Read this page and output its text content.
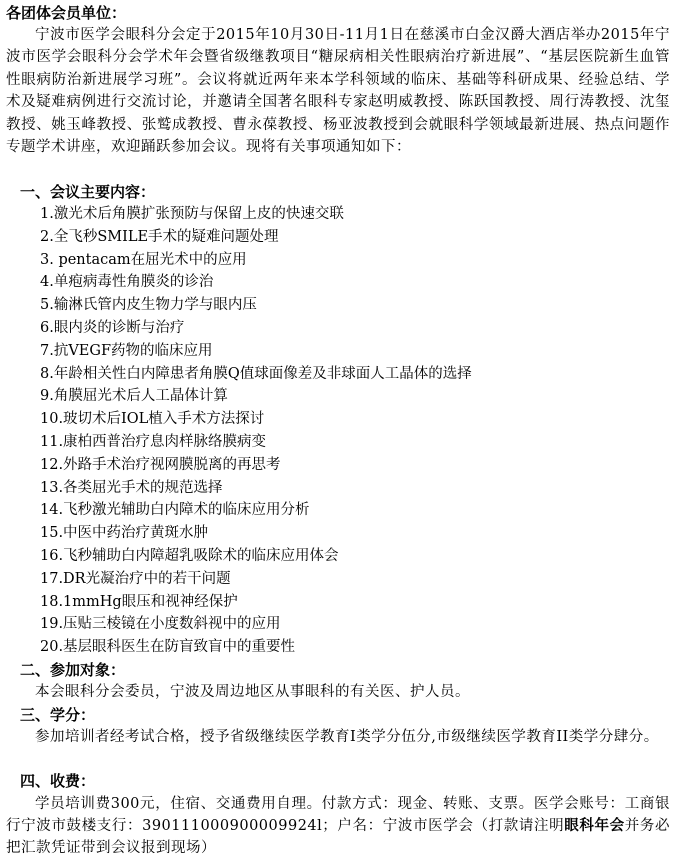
各团体会员单位：
宁波市医学会眼科分会定于2015年10月30日-11月1日在慈溪市白金汉爵大酒店举办2015年宁波市医学会眼科分会学术年会暨省级继教项目“糖尿病相关性眼病治疗新进展”、“基层医院新生血管性眼病防治新进展学习班”。会议将就近两年来本学科领域的临床、基础等科研成果、经验总结、学术及疑难病例进行交流讨论，并邀请全国著名眼科专家赵明威教授、陈跃国教授、周行涛教授、沈玺教授、姚玉峰教授、张鹫成教授、曹永葆教授、杨亚波教授到会就眼科学领域最新进展、热点问题作专题学术讲座，欢迎踊跃参加会议。现将有关事项通知如下：
一、会议主要内容：
1.激光术后角膜扩张预防与保留上皮的快速交联
2.全飞秒SMILE手术的疑难问题处理
3. pentacam在屈光术中的应用
4.单疱病毒性角膜炎的诊治
5.输淋氏管内皮生物力学与眼内压
6.眼内炎的诊断与治疗
7.抗VEGF药物的临床应用
8.年龄相关性白内障患者角膜Q值球面像差及非球面人工晶体的选择
9.角膜屈光术后人工晶体计算
10.玻切术后IOL植入手术方法探讨
11.康柏西普治疗息肉样脉络膜病变
12.外路手术治疗视网膜脱离的再思考
13.各类屈光手术的规范选择
14.飞秒激光辅助白内障术的临床应用分析
15.中医中药治疗黄斑水肿
16.飞秒辅助白内障超乳吸除术的临床应用体会
17.DR光凝治疗中的若干问题
18.1mmHg眼压和视神经保护
19.压贴三棱镜在小度数斜视中的应用
20.基层眼科医生在防盲致盲中的重要性
二、参加对象：
本会眼科分会委员，宁波及周边地区从事眼科的有关医、护人员。
三、学分：
参加培训者经考试合格，授予省级继续医学教育I类学分伍分,市级继续医学教育II类学分肆分。
四、收费：
学员培训费300元，住宿、交通费用自理。付款方式：现金、转账、支票。医学会账号：工商银行宁波市鼓楼支行：390111000900009924l；户名：宁波市医学会（打款请注明眼科年会并务必把汇款凭证带到会议报到现场）
